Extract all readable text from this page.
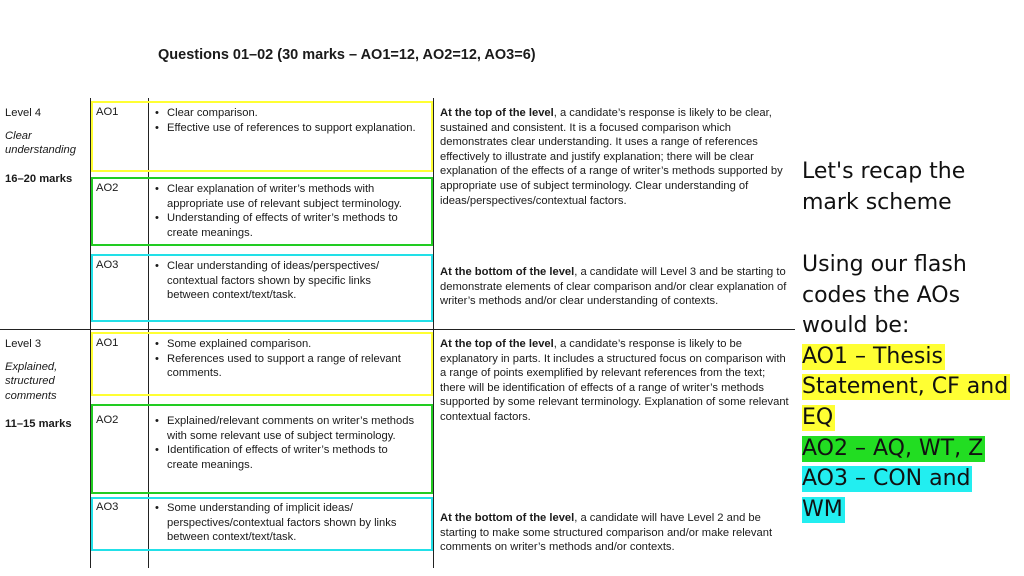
Questions 01–02 (30 marks – AO1=12, AO2=12, AO3=6)
Level 4
Clear
understanding
16–20 marks
Level 3
Explained,
structured
comments
11–15 marks
AO1
AO2
AO3
AO1
AO2
AO3
• Clear comparison.
• Effective use of references to support explanation.
• Clear explanation of writer’s methods with appropriate use of relevant subject terminology.
• Understanding of effects of writer’s methods to create meanings.
• Clear understanding of ideas/perspectives/ contextual factors shown by specific links between context/text/task.
• Some explained comparison.
• References used to support a range of relevant comments.
• Explained/relevant comments on writer’s methods with some relevant use of subject terminology.
• Identification of effects of writer’s methods to create meanings.
• Some understanding of implicit ideas/ perspectives/contextual factors shown by links between context/text/task.
At the top of the level, a candidate’s response is likely to be clear, sustained and consistent. It is a focused comparison which demonstrates clear understanding. It uses a range of references effectively to illustrate and justify explanation; there will be clear explanation of the effects of a range of writer’s methods supported by appropriate use of subject terminology. Clear understanding of ideas/perspectives/contextual factors.
At the bottom of the level, a candidate will Level 3 and be starting to demonstrate elements of clear comparison and/or clear explanation of writer’s methods and/or clear understanding of contexts.
At the top of the level, a candidate’s response is likely to be explanatory in parts. It includes a structured focus on comparison with a range of points exemplified by relevant references from the text; there will be identification of effects of a range of writer’s methods supported by some relevant terminology. Explanation of some relevant contextual factors.
At the bottom of the level, a candidate will have Level 2 and be starting to make some structured comparison and/or make relevant comments on writer’s methods and/or contexts.
Let's recap the
mark scheme
Using our flash
codes the AOs
would be:
AO1 – Thesis
Statement, CF and
EQ
AO2 – AQ, WT, Z
AO3 – CON and
WM
